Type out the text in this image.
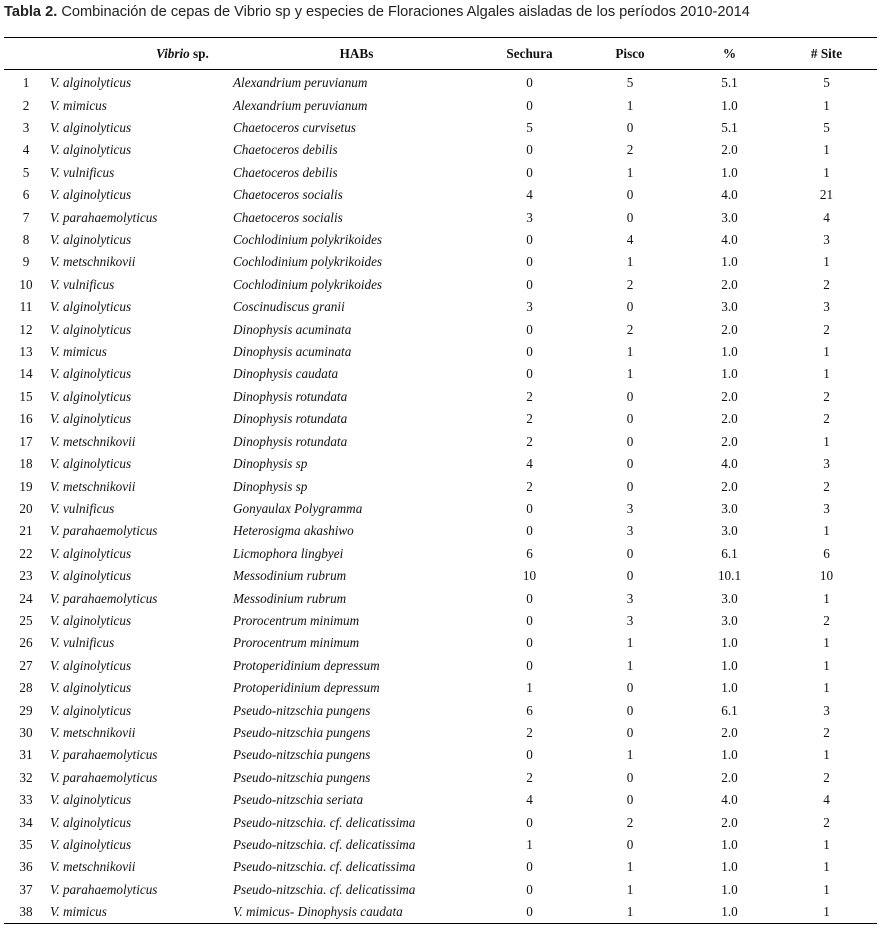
Tabla 2. Combinación de cepas de Vibrio sp y especies de Floraciones Algales aisladas de los períodos 2010-2014
	Vibrio sp.	HABs	Sechura	Pisco	%	# Site
1	V. alginolyticus	Alexandrium peruvianum	0	5	5.1	5
2	V. mimicus	Alexandrium peruvianum	0	1	1.0	1
3	V. alginolyticus	Chaetoceros curvisetus	5	0	5.1	5
4	V. alginolyticus	Chaetoceros debilis	0	2	2.0	1
5	V. vulnificus	Chaetoceros debilis	0	1	1.0	1
6	V. alginolyticus	Chaetoceros socialis	4	0	4.0	21
7	V. parahaemolyticus	Chaetoceros socialis	3	0	3.0	4
8	V. alginolyticus	Cochlodinium polykrikoides	0	4	4.0	3
9	V. metschnikovii	Cochlodinium polykrikoides	0	1	1.0	1
10	V. vulnificus	Cochlodinium polykrikoides	0	2	2.0	2
11	V. alginolyticus	Coscinudiscus granii	3	0	3.0	3
12	V. alginolyticus	Dinophysis acuminata	0	2	2.0	2
13	V. mimicus	Dinophysis acuminata	0	1	1.0	1
14	V. alginolyticus	Dinophysis caudata	0	1	1.0	1
15	V. alginolyticus	Dinophysis rotundata	2	0	2.0	2
16	V. alginolyticus	Dinophysis rotundata	2	0	2.0	2
17	V. metschnikovii	Dinophysis rotundata	2	0	2.0	1
18	V. alginolyticus	Dinophysis sp	4	0	4.0	3
19	V. metschnikovii	Dinophysis sp	2	0	2.0	2
20	V. vulnificus	Gonyaulax Polygramma	0	3	3.0	3
21	V. parahaemolyticus	Heterosigma akashiwo	0	3	3.0	1
22	V. alginolyticus	Licmophora lingbyei	6	0	6.1	6
23	V. alginolyticus	Messodinium rubrum	10	0	10.1	10
24	V. parahaemolyticus	Messodinium rubrum	0	3	3.0	1
25	V. alginolyticus	Prorocentrum minimum	0	3	3.0	2
26	V. vulnificus	Prorocentrum minimum	0	1	1.0	1
27	V. alginolyticus	Protoperidinium depressum	0	1	1.0	1
28	V. alginolyticus	Protoperidinium depressum	1	0	1.0	1
29	V. alginolyticus	Pseudo-nitzschia pungens	6	0	6.1	3
30	V. metschnikovii	Pseudo-nitzschia pungens	2	0	2.0	2
31	V. parahaemolyticus	Pseudo-nitzschia pungens	0	1	1.0	1
32	V. parahaemolyticus	Pseudo-nitzschia pungens	2	0	2.0	2
33	V. alginolyticus	Pseudo-nitzschia seriata	4	0	4.0	4
34	V. alginolyticus	Pseudo-nitzschia. cf. delicatissima	0	2	2.0	2
35	V. alginolyticus	Pseudo-nitzschia. cf. delicatissima	1	0	1.0	1
36	V. metschnikovii	Pseudo-nitzschia. cf. delicatissima	0	1	1.0	1
37	V. parahaemolyticus	Pseudo-nitzschia. cf. delicatissima	0	1	1.0	1
38	V. mimicus	V. mimicus- Dinophysis caudata	0	1	1.0	1
